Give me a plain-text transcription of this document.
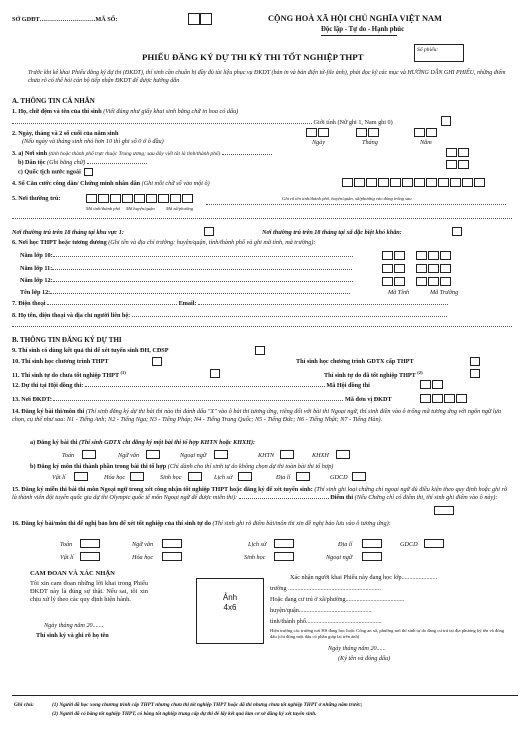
SỞ GDĐT………………………MÃ SỐ:	CỘNG HOÀ XÃ HỘI CHỦ NGHĨA VIỆT NAM
Độc lập - Tự do - Hạnh phúc
PHIẾU ĐĂNG KÝ DỰ THI KỲ THI TỐT NGHIỆP THPT
Số phiếu:
Trước khi kê khai Phiếu đăng ký dự thi (ĐKDT), thí sinh cần chuẩn bị đầy đủ tài liệu phục vụ ĐKDT (bản in và bản điện tử-file ảnh), phải đọc kỹ các mục và HƯỚNG DẪN GHI PHIẾU, những điểm chưa rõ có thể hỏi cán bộ tiếp nhận ĐKDT để được hướng dẫn
A. THÔNG TIN CÁ NHÂN
1. Họ, chữ đệm và tên của thí sinh (Viết đúng như giấy khai sinh bằng chữ in hoa có dấu)
Giới tính (Nữ ghi 1, Nam ghi 0)
2. Ngày, tháng và 2 số cuối của năm sinh
(Nếu ngày và tháng sinh nhỏ hơn 10 thì ghi số 0 ở ô đầu)	Ngày	Tháng	Năm
3. a) Nơi sinh (tỉnh hoặc thành phố trực thuộc Trung ương; sau đây viết tắt là tỉnh/thành phố)
b) Dân tộc (Ghi bằng chữ)
c) Quốc tịch nước ngoài
4. Số Căn cước công dân/ Chứng minh nhân dân (Ghi mỗi chữ số vào một ô)
5. Nơi thường trú:
Mã tỉnh/thành phố Mã huyện/quận Mã xã/phường
Ghi rõ tên tỉnh/thành phố, huyện/quận, xã/phường vào dòng trống sau
Nơi thường trú trên 18 tháng tại khu vực 1:	Nơi thường trú trên 18 tháng tại xã đặc biệt khó khăn:
6. Nơi học THPT hoặc tương đương (Ghi tên và địa chỉ trường: huyện/quận, tỉnh/thành phố và ghi mã tỉnh, mã trường):
Năm lớp 10:
Năm lớp 11:
Năm lớp 12:
Tên lớp 12:	Mã Tỉnh	Mã Trường
7. Điện thoại	Email:
8. Họ tên, điện thoại và địa chỉ người liên hệ:
B. THÔNG TIN ĐĂNG KÝ DỰ THI
9. Thí sinh có dùng kết quả thi để xét tuyển sinh ĐH, CĐSP
10. Thí sinh học chương trình THPT	Thí sinh học chương trình GDTX cấp THPT
11. Thí sinh tự do chưa tốt nghiệp THPT $^{(1)}$	Thí sinh tự do đã tốt nghiệp THPT $^{(2)}$
12. Dự thi tại Hội đồng thi:	Mã Hội đồng thi
13. Nơi ĐKDT:	Mã đơn vị ĐKDT
14. Đăng ký bài thi/môn thi (Thí sinh đăng ký dự thi bài thi nào thì đánh dấu "X" vào ô bài thi tương ứng, riêng đối với bài thi Ngoại ngữ, thí sinh điền vào ô trống mã tương ứng với ngôn ngữ lựa chọn, cụ thể như sau: N1 - Tiếng Anh; N2 - Tiếng Nga; N3 - Tiếng Pháp; N4 - Tiếng Trung Quốc; N5 - Tiếng Đức; N6 - Tiếng Nhật; N7 - Tiếng Hàn).
a) Đăng ký bài thi (Thí sinh GDTX chỉ đăng ký một bài thi tổ hợp KHTN hoặc KHXH):
Toán	Ngữ văn	Ngoại ngữ	KHTN	KHXH
b) Đăng ký môn thi thành phần trong bài thi tổ hợp (Chỉ dành cho thí sinh tự do không chọn dự thi toàn bài thi tổ hợp)
Vật lí	Hóa học	Sinh học	Lịch sử	Địa lí	GDCD
15. Đăng ký miễn thi bài thi môn Ngoại ngữ trong xét công nhận tốt nghiệp THPT hoặc đăng ký để xét tuyển sinh: (Thí sinh ghi loại chứng chỉ ngoại ngữ đủ điều kiện theo quy định hoặc ghi rõ là thành viên đội tuyển quốc gia dự thi Olympic quốc tế môn Ngoại ngữ để được miễn thi):	Điểm thi (Nếu Chứng chỉ có điểm thi, thí sinh ghi điểm vào ô này):
16. Đăng ký bài/môn thi để nghị bảo lưu để xét tốt nghiệp của thí sinh tự do (Thí sinh ghi rõ điểm bài/môn thi xin đề nghị bảo lưu vào ô tương ứng):
Toán	Ngữ văn	Lịch sử	Địa lí	GDCD
Vật lí	Hóa học	Sinh học	Ngoại ngữ
CAM ĐOAN VÀ XÁC NHẬN
Tôi xin cam đoan những lời khai trong Phiếu ĐKDT này là đúng sự thật. Nếu sai, tôi xin chịu xử lý theo các quy định hiện hành.
Ngày tháng năm 20.......
Thí sinh ký và ghi rõ họ tên
Ảnh
4x6
Xác nhận người khai Phiếu này đang học lớp.......................
trường ............................................................
Hoặc đang cư trú ở xã/phường......................................
huyện/quận...............................................
tỉnh/thành phố.................................................
Hiệu trưởng các trường nơi HS đang học hoặc Công an xã, phường nơi thí sinh tự do đang cư trú tại địa phương ký tên và đóng dấu (chỉ đóng một dấu có phần giáp lai trên ảnh)
Ngày tháng năm 20......
(Ký tên và đóng dấu)
Ghi chú:	(1) Người đã học xong chương trình cấp THPT nhưng chưa thi tốt nghiệp THPT hoặc đã thi nhưng chưa tốt nghiệp THPT ở những năm trước;
(2) Người đã có bằng tốt nghiệp THPT, có bằng tốt nghiệp trung cấp dự thi để lấy kết quả làm cơ sở đăng ký xét tuyển sinh.
